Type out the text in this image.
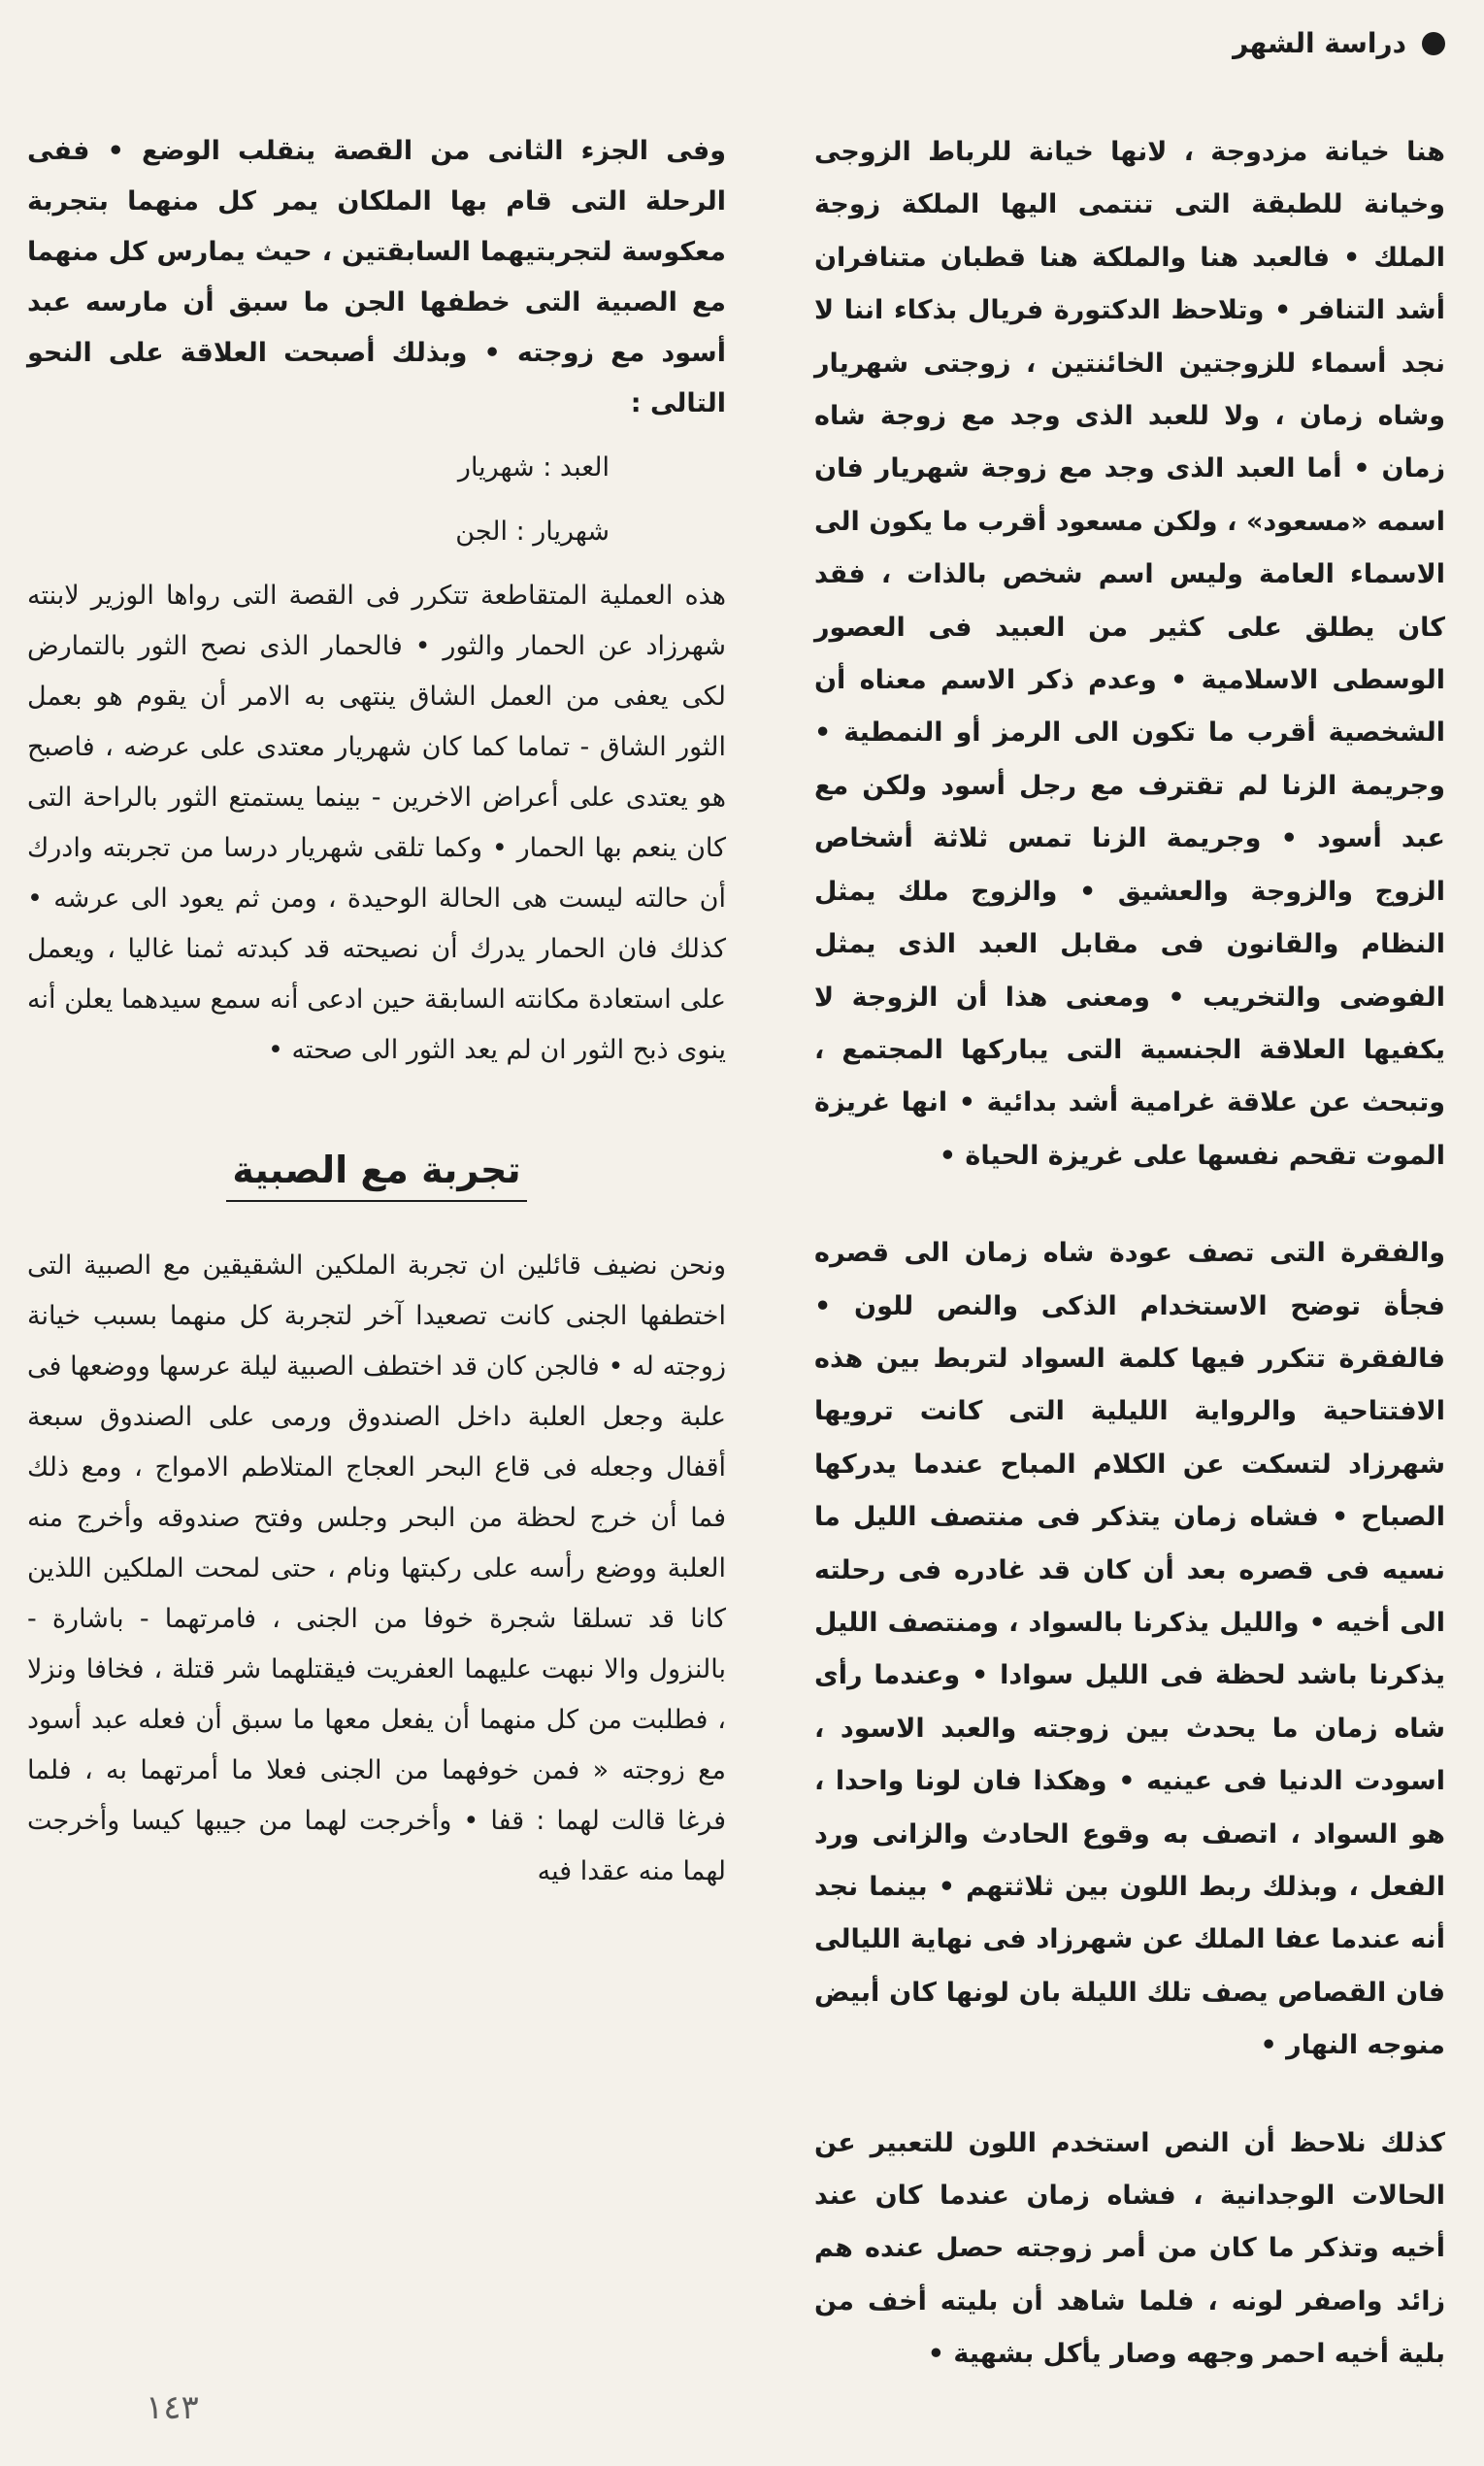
دراسة الشهر

هنا خيانة مزدوجة ، لانها خيانة للرباط الزوجى وخيانة للطبقة التى تنتمى اليها الملكة زوجة الملك • فالعبد هنا والملكة هنا قطبان متنافران أشد التنافر • وتلاحظ الدكتورة فريال بذكاء اننا لا نجد أسماء للزوجتين الخائنتين ، زوجتى شهريار وشاه زمان ، ولا للعبد الذى وجد مع زوجة شاه زمان • أما العبد الذى وجد مع زوجة شهريار فان اسمه «مسعود» ، ولكن مسعود أقرب ما يكون الى الاسماء العامة وليس اسم شخص بالذات ، فقد كان يطلق على كثير من العبيد فى العصور الوسطى الاسلامية • وعدم ذكر الاسم معناه أن الشخصية أقرب ما تكون الى الرمز أو النمطية • وجريمة الزنا لم تقترف مع رجل أسود ولكن مع عبد أسود • وجريمة الزنا تمس ثلاثة أشخاص الزوج والزوجة والعشيق • والزوج ملك يمثل النظام والقانون فى مقابل العبد الذى يمثل الفوضى والتخريب • ومعنى هذا أن الزوجة لا يكفيها العلاقة الجنسية التى يباركها المجتمع ، وتبحث عن علاقة غرامية أشد بدائية • انها غريزة الموت تقحم نفسها على غريزة الحياة •

والفقرة التى تصف عودة شاه زمان الى قصره فجأة توضح الاستخدام الذكى والنص للون • فالفقرة تتكرر فيها كلمة السواد لتربط بين هذه الافتتاحية والرواية الليلية التى كانت ترويها شهرزاد لتسكت عن الكلام المباح عندما يدركها الصباح • فشاه زمان يتذكر فى منتصف الليل ما نسيه فى قصره بعد أن كان قد غادره فى رحلته الى أخيه • والليل يذكرنا بالسواد ، ومنتصف الليل يذكرنا باشد لحظة فى الليل سوادا • وعندما رأى شاه زمان ما يحدث بين زوجته والعبد الاسود ، اسودت الدنيا فى عينيه • وهكذا فان لونا واحدا ، هو السواد ، اتصف به وقوع الحادث والزانى ورد الفعل ، وبذلك ربط اللون بين ثلاثتهم • بينما نجد أنه عندما عفا الملك عن شهرزاد فى نهاية الليالى فان القصاص يصف تلك الليلة بان لونها كان أبيض منوجه النهار •

كذلك نلاحظ أن النص استخدم اللون للتعبير عن الحالات الوجدانية ، فشاه زمان عندما كان عند أخيه وتذكر ما كان من أمر زوجته حصل عنده هم زائد واصفر لونه ، فلما شاهد أن بليته أخف من بلية أخيه احمر وجهه وصار يأكل بشهية •

وفى الجزء الثانى من القصة ينقلب الوضع • ففى الرحلة التى قام بها الملكان يمر كل منهما بتجربة معكوسة لتجربتيهما السابقتين ، حيث يمارس كل منهما مع الصبية التى خطفها الجن ما سبق أن مارسه عبد أسود مع زوجته • وبذلك أصبحت العلاقة على النحو التالى :

العبد : شهريار

شهريار : الجن

هذه العملية المتقاطعة تتكرر فى القصة التى رواها الوزير لابنته شهرزاد عن الحمار والثور • فالحمار الذى نصح الثور بالتمارض لكى يعفى من العمل الشاق ينتهى به الامر أن يقوم هو بعمل الثور الشاق - تماما كما كان شهريار معتدى على عرضه ، فاصبح هو يعتدى على أعراض الاخرين - بينما يستمتع الثور بالراحة التى كان ينعم بها الحمار • وكما تلقى شهريار درسا من تجربته وادرك أن حالته ليست هى الحالة الوحيدة ، ومن ثم يعود الى عرشه • كذلك فان الحمار يدرك أن نصيحته قد كبدته ثمنا غاليا ، ويعمل على استعادة مكانته السابقة حين ادعى أنه سمع سيدهما يعلن أنه ينوى ذبح الثور ان لم يعد الثور الى صحته •

تجربة مع الصبية

ونحن نضيف قائلين ان تجربة الملكين الشقيقين مع الصبية التى اختطفها الجنى كانت تصعيدا آخر لتجربة كل منهما بسبب خيانة زوجته له • فالجن كان قد اختطف الصبية ليلة عرسها ووضعها فى علبة وجعل العلبة داخل الصندوق ورمى على الصندوق سبعة أقفال وجعله فى قاع البحر العجاج المتلاطم الامواج ، ومع ذلك فما أن خرج لحظة من البحر وجلس وفتح صندوقه وأخرج منه العلبة ووضع رأسه على ركبتها ونام ، حتى لمحت الملكين اللذين كانا قد تسلقا شجرة خوفا من الجنى ، فامرتهما - باشارة - بالنزول والا نبهت عليهما العفريت فيقتلهما شر قتلة ، فخافا ونزلا ، فطلبت من كل منهما أن يفعل معها ما سبق أن فعله عبد أسود مع زوجته « فمن خوفهما من الجنى فعلا ما أمرتهما به ، فلما فرغا قالت لهما : قفا • وأخرجت لهما من جيبها كيسا وأخرجت لهما منه عقدا فيه

١٤٣
